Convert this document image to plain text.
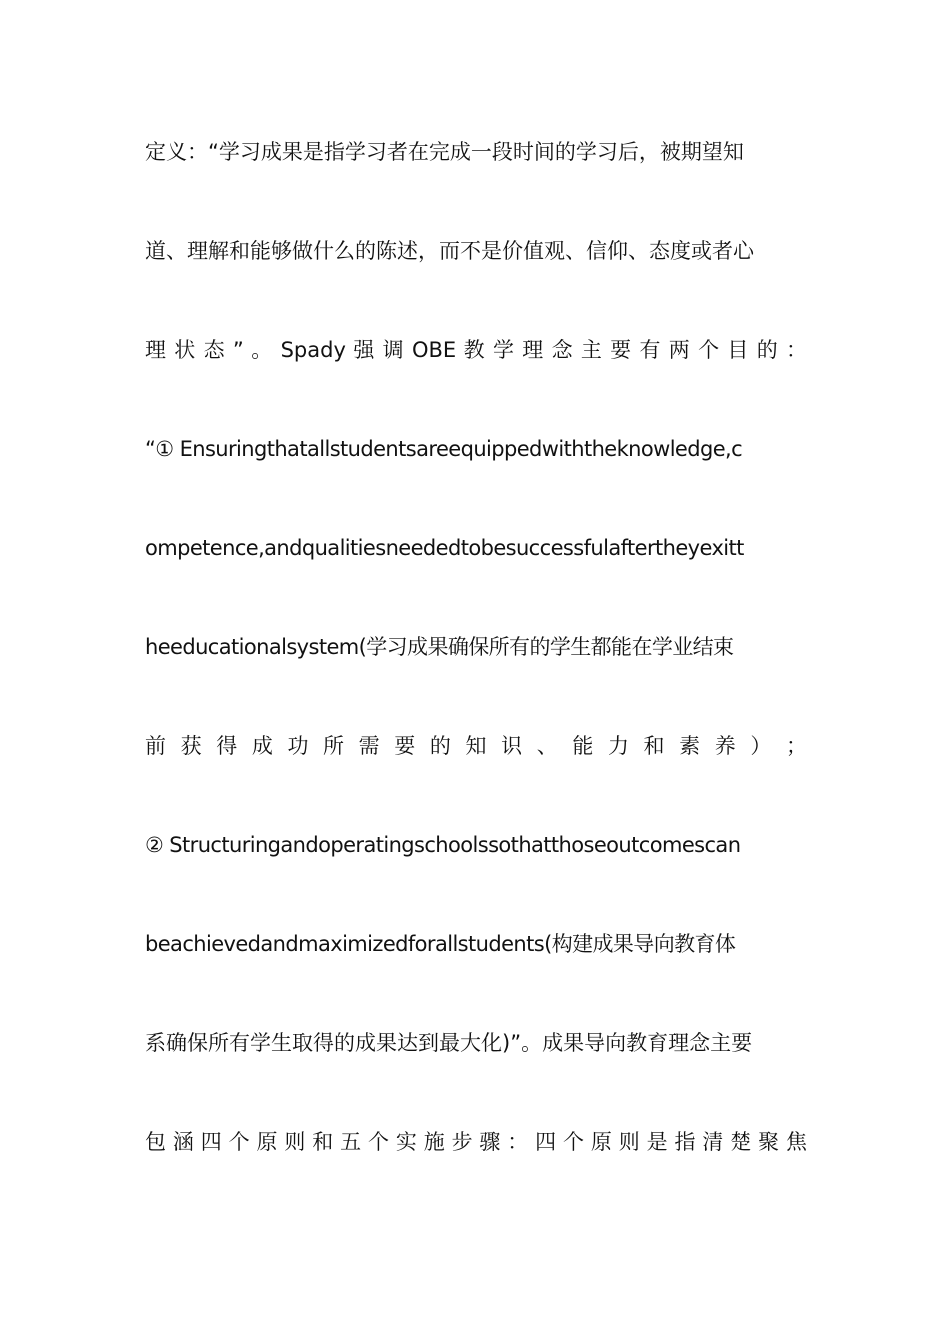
定义：“学习成果是指学习者在完成一段时间的学习后，被期望知
道、理解和能够做什么的陈述，而不是价值观、信仰、态度或者心
理 状 态 ” 。 Spady 强 调 OBE 教 学 理 念 主 要 有 两 个 目 的 ：
“① Ensuringthatallstudentsareequippedwiththeknowledge,c
ompetence,andqualitiesneededtobesuccessfulaftertheyexitt
heeducationalsystem(学习成果确保所有的学生都能在学业结束
前 获 得 成 功 所 需 要 的 知 识 、 能 力 和 素 养 ） ；
② Structuringandoperatingschoolssothatthoseoutcomescan
beachievedandmaximizedforallstudents(构建成果导向教育体
系确保所有学生取得的成果达到最大化)”。成果导向教育理念主要
包 涵 四 个 原 则 和 五 个 实 施 步 骤 ： 四 个 原 则 是 指 清 楚 聚 焦
